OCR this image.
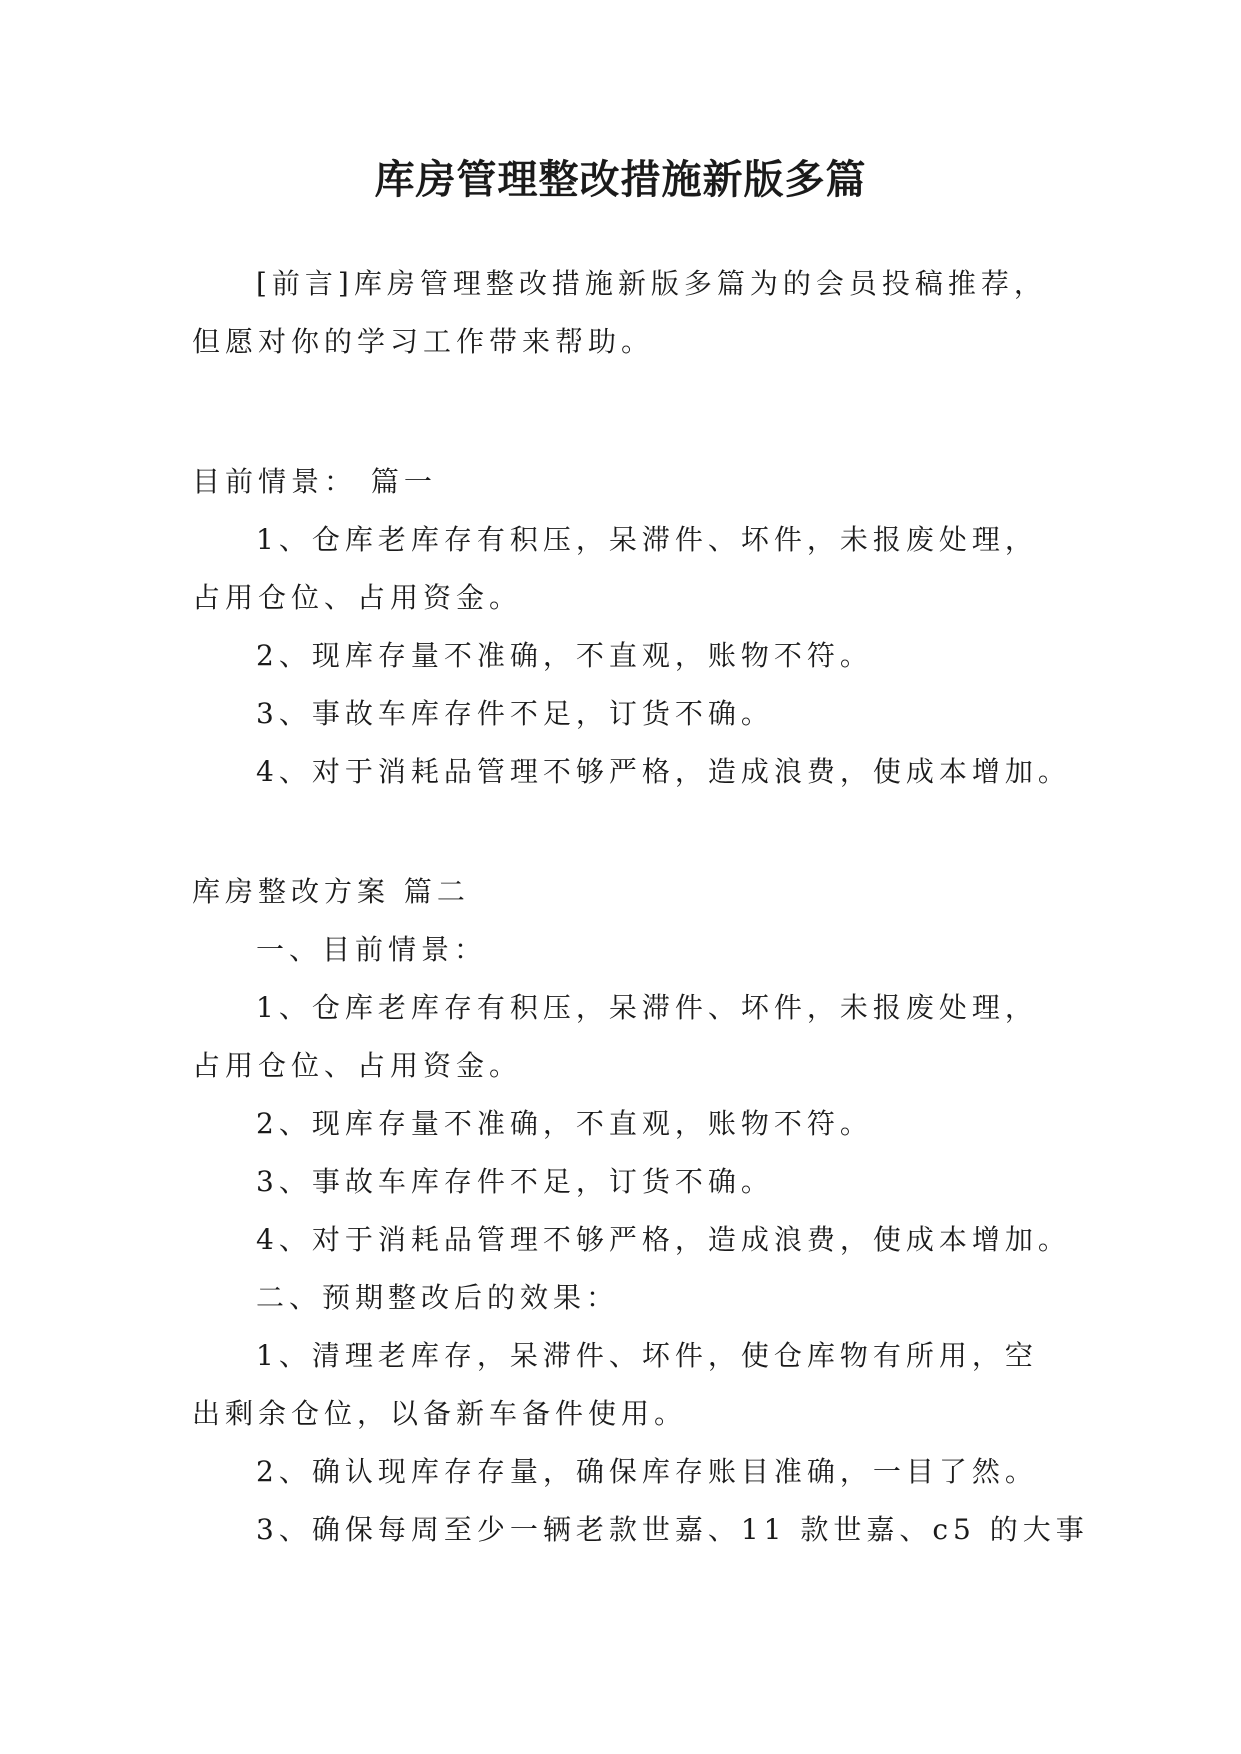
库房管理整改措施新版多篇
[前言]库房管理整改措施新版多篇为的会员投稿推荐，
但愿对你的学习工作带来帮助。
目前情景： 篇一
1、仓库老库存有积压，呆滞件、坏件，未报废处理，
占用仓位、占用资金。
2、现库存量不准确，不直观，账物不符。
3、事故车库存件不足，订货不确。
4、对于消耗品管理不够严格，造成浪费，使成本增加。
库房整改方案 篇二
一、目前情景：
1、仓库老库存有积压，呆滞件、坏件，未报废处理，
占用仓位、占用资金。
2、现库存量不准确，不直观，账物不符。
3、事故车库存件不足，订货不确。
4、对于消耗品管理不够严格，造成浪费，使成本增加。
二、预期整改后的效果：
1、清理老库存，呆滞件、坏件，使仓库物有所用，空
出剩余仓位，以备新车备件使用。
2、确认现库存存量，确保库存账目准确，一目了然。
3、确保每周至少一辆老款世嘉、11 款世嘉、c5 的大事
